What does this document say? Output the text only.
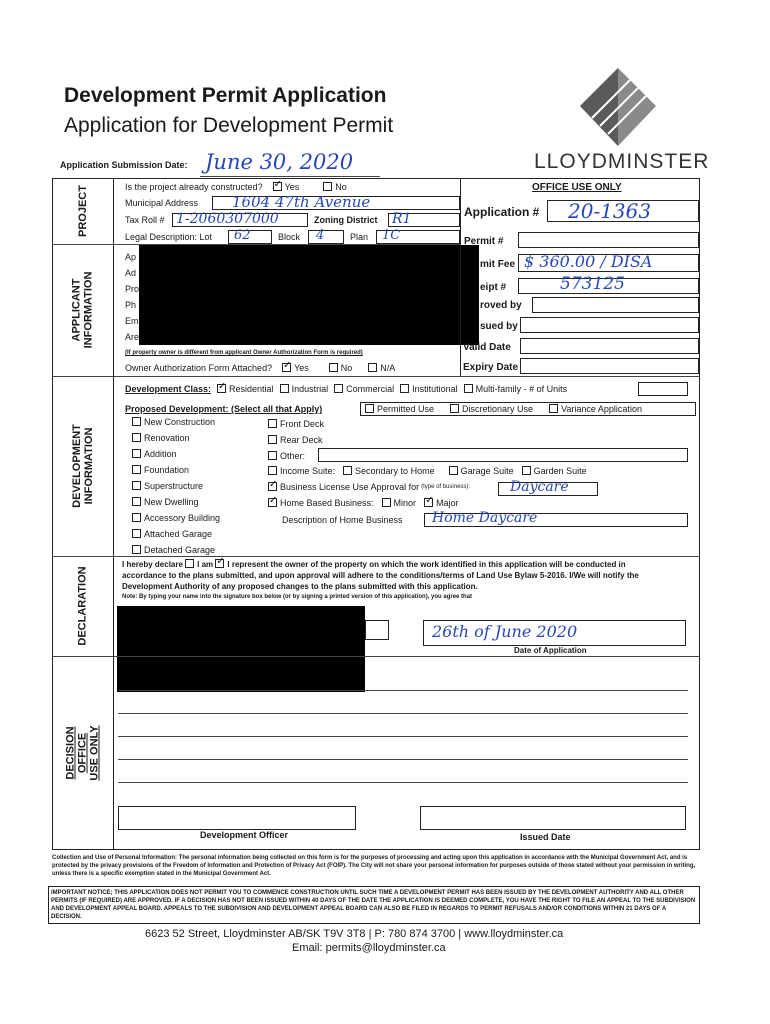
Development Permit Application
Application for Development Permit
LLOYDMINSTER
Application Submission Date: June 30, 2020
PROJECT	Is the project already constructed? ✓	Yes	No
Municipal Address 1604 47th Avenue
Tax Roll # 1-2060307000	Zoning District R1
Legal Description: Lot 62	Block 4	Plan 1C
APPLICANT INFORMATION
Ap
Ad
Pro
Ph
Em
Are
(If property owner is different from applicant Owner Authorization Form is required)
Owner Authorization Form Attached? ✓	Yes	No	N/A
OFFICE USE ONLY
Application # 20-1363
Permit #
mit Fee $ 360.00 / DISA
eipt #	573125
roved by
sued by
Valid Date
Expiry Date
DEVELOPMENT INFORMATION
Development Class: ✓	Residential	Industrial	Commercial	Institutional	Multi-family - # of Units
Proposed Development: (Select all that Apply)	Permitted Use	Discretionary Use	Variance Application
New Construction
Renovation
Addition
Foundation
Superstructure
New Dwelling
Accessory Building
Attached Garage
Detached Garage
Front Deck
Rear Deck
Other:
Income Suite:	Secondary to Home	Garage Suite	Garden Suite
✓Business License Use Approval for (type of business):	Daycare
✓Home Based Business:	Minor ✓	Major
Description of Home Business Home Daycare
DECLARATION
I hereby declare I am ✓ I represent the owner of the property on which the work identified in this application will be conducted in
accordance to the plans submitted, and upon approval will adhere to the conditions/terms of Land Use Bylaw 5-2016. I/We will notify the
Development Authority of any proposed changes to the plans submitted with this application.
Note: By typing your name into the signature box below (or by signing a printed version of this application), you agree that
26th of June 2020
Date of Application
DECISION OFFICE USE ONLY
Development Officer	Issued Date
Collection and Use of Personal Information: The personal information being collected on this form is for the purposes of processing and acting upon this application in accordance with the Municipal Government Act, and is protected by the privacy provisions of the Freedom of Information and Protection of Privacy Act (FOIP). The City will not share your personal information for purposes outside of those stated without your permission in writing, unless there is a specific exemption stated in the Municipal Government Act.
IMPORTANT NOTICE; THIS APPLICATION DOES NOT PERMIT YOU TO COMMENCE CONSTRUCTION UNTIL SUCH TIME A DEVELOPMENT PERMIT HAS BEEN ISSUED BY THE DEVELOPMENT AUTHORITY AND ALL OTHER PERMITS (IF REQUIRED) ARE APPROVED. IF A DECISION HAS NOT BEEN ISSUED WITHIN 40 DAYS OF THE DATE THE APPLICATION IS DEEMED COMPLETE, YOU HAVE THE RIGHT TO FILE AN APPEAL TO THE SUBDIVISION AND DEVELOPMENT APPEAL BOARD. APPEALS TO THE SUBDIVISION AND DEVELOPMENT APPEAL BOARD CAN ALSO BE FILED IN REGARDS TO PERMIT REFUSALS AND/OR CONDITIONS WITHIN 21 DAYS OF A DECISION.
6623 52 Street, Lloydminster AB/SK T9V 3T8 | P: 780 874 3700 | www.lloydminster.ca
Email: permits@lloydminster.ca
